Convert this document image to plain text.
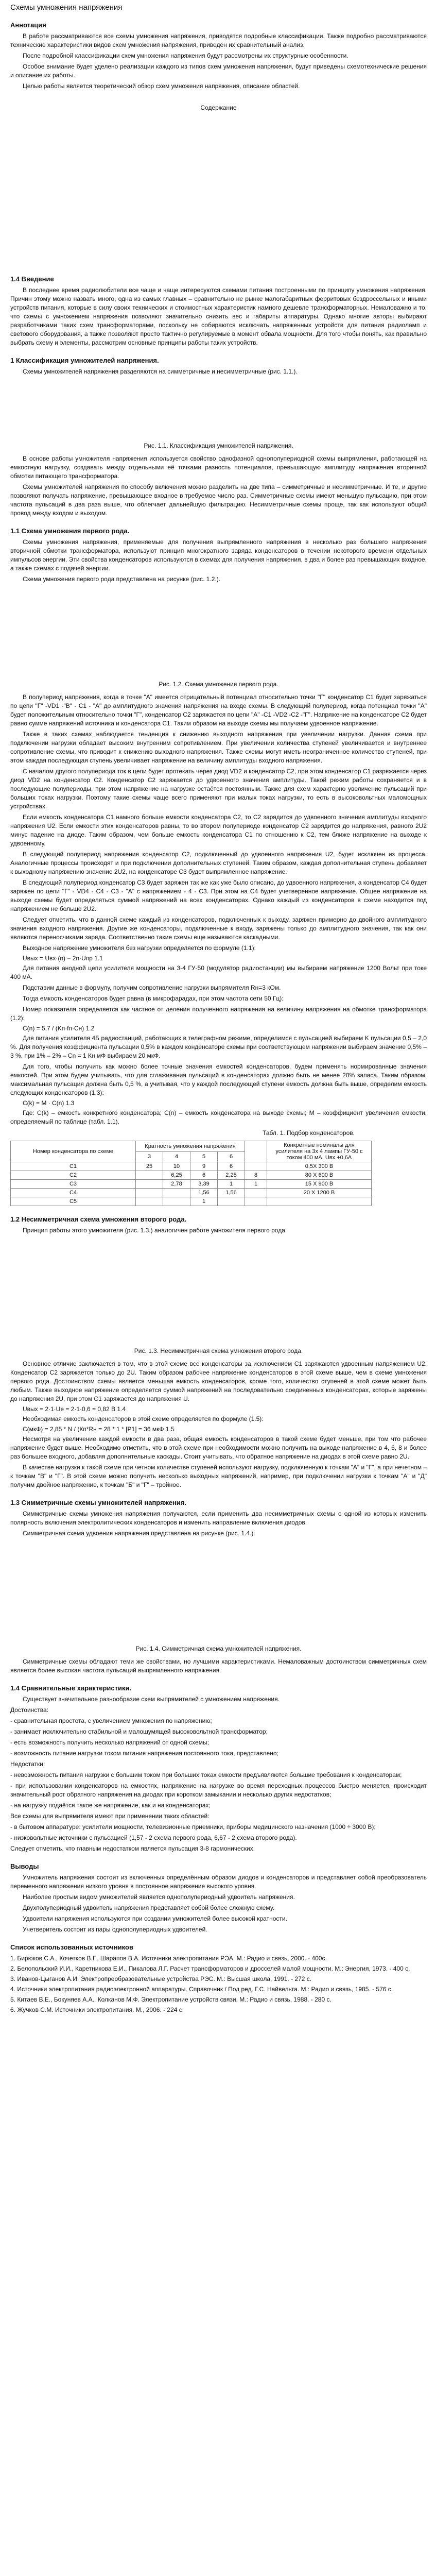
Схемы умножения напряжения
Аннотация

В работе рассматриваются все схемы умножения напряжения, приводятся подробные классификации. Также подробно рассматриваются технические характеристики видов схем умножения напряжения, приведен их сравнительный анализ.

После подробной классификации схем умножения напряжения будут рассмотрены их структурные особенности.

Особое внимание будет уделено реализации каждого из типов схем умножения напряжения, будут приведены схемотехнические решения и описание их работы.

Целью работы является теоретический обзор схем умножения напряжения, описание областей.

Содержание
1.4 Введение

В последнее время радиолюбители все чаще и чаще интересуются схемами питания построенными по принципу умножения напряжения. Причин этому можно назвать много, одна из самых главных – сравнительно не рынке малогабаритных ферритовых бездроссельных и иными устройств питания, которые в силу своих технических и стоимостных характеристик намного дешевле трансформаторных. Немаловажно и то, что схемы с умножением напряжения позволяют значительно снизить вес и габариты аппаратуры. Однако многие авторы выбирают разработчиками таких схем трансформаторами, поскольку не собираются исключать напряженных устройств для питания радиоламп и светового оборудования, а также позволяют просто тактично регулируемые в момент обвала мощности. Для того чтобы понять, как правильно выбрать схему и элементы, рассмотрим основные принципы работы таких устройств.

1 Классификация умножителей напряжения.

Схемы умножителей напряжения разделяются на симметричные и несимметричные (рис. 1.1.).

Рис. 1.1. Классификация умножителей напряжения.

В основе работы умножителя напряжения используется свойство однофазной однополупериодной схемы выпрямления, работающей на емкостную нагрузку, создавать между отдельными её точками разность потенциалов, превышающую амплитуду напряжения вторичной обмотки питающего трансформатора.

Схемы умножителей напряжения по способу включения можно разделить на две типа – симметричные и несимметричные. И те, и другие позволяют получать напряжение, превышающее входное в требуемое число раз. Симметричные схемы имеют меньшую пульсацию, при этом частота пульсаций в два раза выше, что облегчает дальнейшую фильтрацию. Несимметричные схемы проще, так как используют общий провод между входом и выходом.

1.1 Схема умножения первого рода.

Схемы умножения напряжения, применяемые для получения выпрямленного напряжения в несколько раз большего напряжения вторичной обмотки трансформатора, используют принцип многократного заряда конденсаторов в течении некоторого времени отдельных импульсов энергии. Эти свойства конденсаторов используются в схемах для получения напряжения, в два и более раз превышающих входное, а также схемах с подачей энергии.

Схема умножения первого рода представлена на рисунке (рис. 1.2.).

Рис. 1.2. Схема умножения первого рода.

В полупериод напряжения, когда в точке "А" имеется отрицательный потенциал относительно точки "Г" конденсатор C1 будет заряжаться по цепи "Г" -VD1 -"В" - C1 - "А" до амплитудного значения напряжения на входе схемы. В следующий полупериод, когда потенциал точки "А" будет положительным относительно точки "Г", конденсатор С2 заряжается по цепи "А" -C1 -VD2 -C2 -"Г". Напряжение на конденсаторе C2 будет равно сумме напряжений источника и конденсатора C1. Таким образом на выходе схемы мы получаем удвоенное напряжение.

Также в таких схемах наблюдается тенденция к снижению выходного напряжения при увеличении нагрузки. Данная схема при подключении нагрузки обладает высоким внутренним сопротивлением. При увеличении количества ступеней увеличивается и внутреннее сопротивление схемы, что приводит к снижению выходного напряжения. Также схемы могут иметь неограниченное количество ступеней, при этом каждая последующая ступень увеличивает напряжение на величину амплитуды входного напряжения.

С началом другого полупериода ток в цепи будет протекать через диод VD2 и конденсатор C2, при этом конденсатор C1 разряжается через диод VD2 на конденсатор C2. Конденсатор C2 заряжается до удвоенного значения амплитуды. Такой режим работы сохраняется и в последующие полупериоды, при этом напряжение на нагрузке остаётся постоянным. Также для схем характерно увеличение пульсаций при больших токах нагрузки. Поэтому такие схемы чаще всего применяют при малых токах нагрузки, то есть в высоковольтных маломощных устройствах.

Если емкость конденсатора C1 намного больше емкости конденсатора C2, то C2 зарядится до удвоенного значения амплитуды входного напряжения U2. Если емкости этих конденсаторов равны, то во втором полупериоде конденсатор C2 зарядится до напряжения, равного 2U2 минус падение на диоде. Таким образом, чем больше емкость конденсатора C1 по отношению к C2, тем ближе напряжение на выходе к удвоенному.

В следующий полупериод напряжения конденсатор C2, подключенный до удвоенного напряжения U2, будет исключен из процесса. Аналогичные процессы происходят и при подключении дополнительных ступеней. Таким образом, каждая дополнительная ступень добавляет к выходному напряжению значение 2U2, на конденсаторе C3 будет выпрямленное напряжение.

В следующий полупериод конденсатор C3 будет заряжен так же как уже было описано, до удвоенного напряжения, а конденсатор C4 будет заряжен по цепи "Г" - VD4 - C4 - C3 - "А" с напряжением - 4 - C3. При этом на C4 будет учетверенное напряжение. Общее напряжение на выходе схемы будет определяться суммой напряжений на всех конденсаторах. Однако каждый из конденсаторов в схеме находится под напряжением не больше 2U2.

Следует отметить, что в данной схеме каждый из конденсаторов, подключенных к выходу, заряжен примерно до двойного амплитудного значения входного напряжения. Другие же конденсаторы, подключенные к входу, заряжены только до амплитудного значения, так как они являются переносчиками заряда. Соответственно такие схемы еще называются каскадными.

Выходное напряжение умножителя без нагрузки определяется по формуле (1.1):

Uвых = Uвх·(n) − 2n·Uпр 1.1

Для питания анодной цепи усилителя мощности на 3-4 ГУ-50 (модулятор радиостанции) мы выбираем напряжение 1200 Вольт при токе 400 мА.

Подставим данные в формулу, получим сопротивление нагрузки выпрямителя Rн=3 кОм.

Тогда емкость конденсаторов будет равна (в микрофарадах, при этом частота сети 50 Гц):

Номер показателя определяется как частное от деления полученного напряжения на величину напряжения на обмотке трансформатора (1.2):

C(n) = 5,7 / (Kп·fп·Cн) 1.2

Для питания усилителя 4Б радиостанций, работающих в телеграфном режиме, определимся с пульсацией выбираем K пульсации 0,5 – 2,0 %. Для получения коэффициента пульсации 0,5% в каждом конденсаторе схемы при соответствующем напряжении выбираем значение 0,5% – 3 %, при 1% – 2% – Cn = 1 Кн мФ выбираем 20 мкФ.

Для того, чтобы получить как можно более точные значения емкостей конденсаторов, будем применять нормированные значения емкостей. При этом будем учитывать, что для сглаживания пульсаций в конденсаторах должно быть не менее 20% запаса. Таким образом, максимальная пульсация должна быть 0,5 %, а учитывая, что у каждой последующей ступени емкость должна быть выше, определим емкость следующих конденсаторов (1.3):

C(k) = M · C(n) 1.3

Где: C(k) – емкость конкретного конденсатора; C(n) – емкость конденсатора на выходе схемы; M – коэффициент увеличения емкости, определяемый по таблице (табл. 1.1).

Табл. 1. Подбор конденсаторов.
Номер конденсатора по схеме	Кратность умножения напряжения					Конкретные номиналы для усилителя на 3х 4 лампы ГУ-50 с током 400 мА, Uвх +0,6A
	3	4	5	6		
C1	25	10	9	6		0,5Х 300 В
C2		6,25	6	2,25	8	80 Х 600 В
C3		2,78	3,39	1	1	15 Х 900 В
C4			1,56	1,56		20 Х 1200 В
C5			1			
1.2 Несимметричная схема умножения второго рода.

Принцип работы этого умножителя (рис. 1.3.) аналогичен работе умножителя первого рода.

Рис. 1.3. Несимметричная схема умножения второго рода.

Основное отличие заключается в том, что в этой схеме все конденсаторы за исключением C1 заряжаются удвоенным напряжением U2. Конденсатор C2 заряжается только до 2U. Таким образом рабочее напряжение конденсаторов в этой схеме выше, чем в схеме умножения первого рода. Достоинством схемы является меньшая емкость конденсаторов, кроме того, количество ступеней в этой схеме может быть любым. Также выходное напряжение определяется суммой напряжений на последовательно соединенных конденсаторах, которые заряжены до напряжения 2U, при этом C1 заряжается до напряжения U.

Uвых = 2·1·Ue = 2·1·0,6 = 0,82 В 1.4

Необходимая емкость конденсаторов в этой схеме определяется по формуле (1.5):

C(мкФ) = 2,85 * N / (Кп*Rн = 28 * 1 * [Р1] = 36 мкФ 1.5

Несмотря на увеличение каждой емкости в два раза, общая емкость конденсаторов в такой схеме будет меньше, при том что рабочее напряжение будет выше. Необходимо отметить, что в этой схеме при необходимости можно получить на выходе напряжение в 4, 6, 8 и более раз большее входного, добавляя дополнительные каскады. Стоит учитывать, что обратное напряжение на диодах в этой схеме равно 2U.

В качестве нагрузки к такой схеме при четном количестве ступеней используют нагрузку, подключенную к точкам "А" и "Г", а при нечетном – к точкам "В" и "Г". В этой схеме можно получить несколько выходных напряжений, например, при подключении нагрузки к точкам "А" и "Д" получим двойное напряжение, к точкам "Б" и "Г" – тройное.

1.3 Симметричные схемы умножителей напряжения.

Симметричные схемы умножения напряжения получаются, если применить два несимметричных схемы с одной из которых изменить полярность включения электролитических конденсаторов и изменить направление включения диодов.

Симметричная схема удвоения напряжения представлена на рисунке (рис. 1.4.).

Рис. 1.4. Симметричная схема умножителей напряжения.

Симметричные схемы обладают теми же свойствами, но лучшими характеристиками. Немаловажным достоинством симметричных схем является более высокая частота пульсаций выпрямленного напряжения.

1.4 Сравнительные характеристики.

Существует значительное разнообразие схем выпрямителей с умножением напряжения.

Достоинства:

- сравнительная простота, с увеличением умножения по напряжению;
- занимает исключительно стабильной и малошумящей высоковольтной трансформатор;
- есть возможность получить несколько напряжений от одной схемы;
- возможность питание нагрузки током питания напряжения постоянного тока, представлено;

Недостатки:

- невозможность питания нагрузки с большим током при больших токах емкости предъявляются большие требования к конденсаторам;
- при использовании конденсаторов на емкостях, напряжение на нагрузке во время переходных процессов быстро меняется, происходит значительный рост обратного напряжения на диодах при коротком замыкании и несколько других недостатков;
- на нагрузку подаётся такое же напряжение, как и на конденсаторах;

Все схемы для выпрямителя имеют при применении таких областей:

- в бытовом аппаратуре: усилители мощности, телевизионные приемники, приборы медицинского назначения (1000 ÷ 3000 В);
- низковольтные источники с пульсацией (1,57 - 2 схема первого рода, 6,67 - 2 схема второго рода).

Следует отметить, что главным недостатком является пульсация 3-8 гармонических.

Выводы

Умножитель напряжения состоит из включенных определённым образом диодов и конденсаторов и представляет собой преобразователь переменного напряжения низкого уровня в постоянное напряжение высокого уровня.

Наиболее простым видом умножителей является однополупериодный удвоитель напряжения.

Двухполупериодный удвоитель напряжения представляет собой более сложную схему.

Удвоители напряжения используются при создании умножителей более высокой кратности.

Учетверитель состоит из пары однополупериодных удвоителей.

Список использованных источников

1. Бирюков С.А., Кочетков В.Г., Шарапов В.А. Источники электропитания РЭА. М.: Радио и связь, 2000. - 400с.

2. Белопольский И.И., Каретникова Е.И., Пикалова Л.Г. Расчет трансформаторов и дросселей малой мощности. М.: Энергия, 1973. - 400 с.

3. Иванов-Цыганов А.И. Электропреобразовательные устройства РЭС. М.: Высшая школа, 1991. - 272 с.

4. Источники электропитания радиоэлектронной аппаратуры. Справочник / Под ред. Г.С. Найвельта. М.: Радио и связь, 1985. - 576 с.

5. Китаев В.Е., Бокуняев А.А., Колканов М.Ф. Электропитание устройств связи. М.: Радио и связь, 1988. - 280 с.

6. Жучков С.М. Источники электропитания. М., 2006. - 224 с.
